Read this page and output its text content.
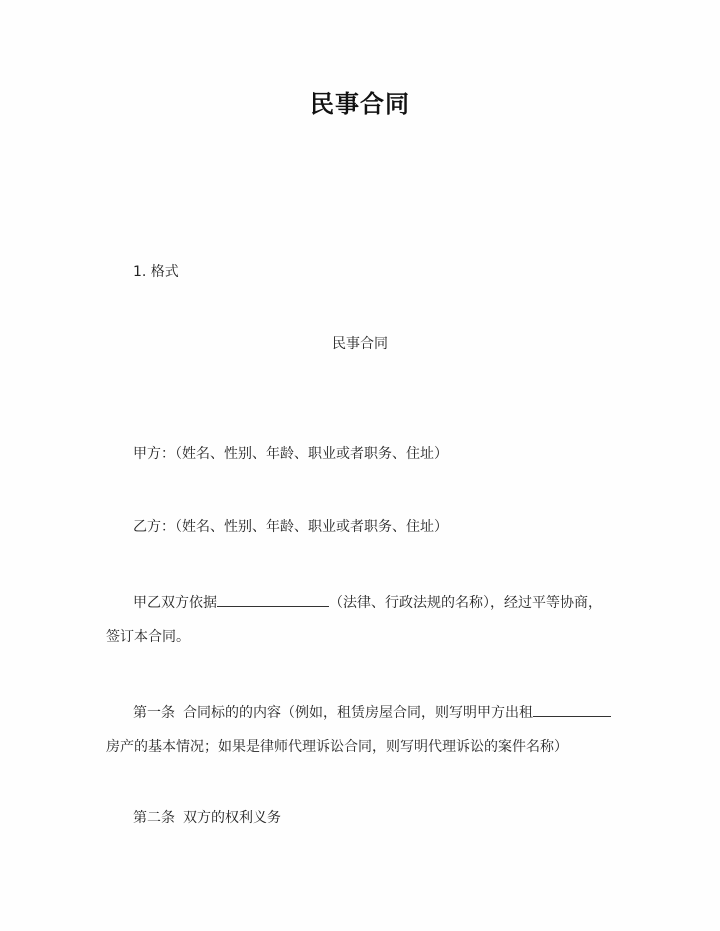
民事合同
1. 格式
民事合同
甲方：（姓名、性别、年龄、职业或者职务、住址）
乙方：（姓名、性别、年龄、职业或者职务、住址）
甲乙双方依据	（法律、行政法规的名称），经过平等协商，
签订本合同。
第一条 合同标的的内容（例如，租赁房屋合同，则写明甲方出租
房产的基本情况；如果是律师代理诉讼合同，则写明代理诉讼的案件名称）
第二条 双方的权利义务
